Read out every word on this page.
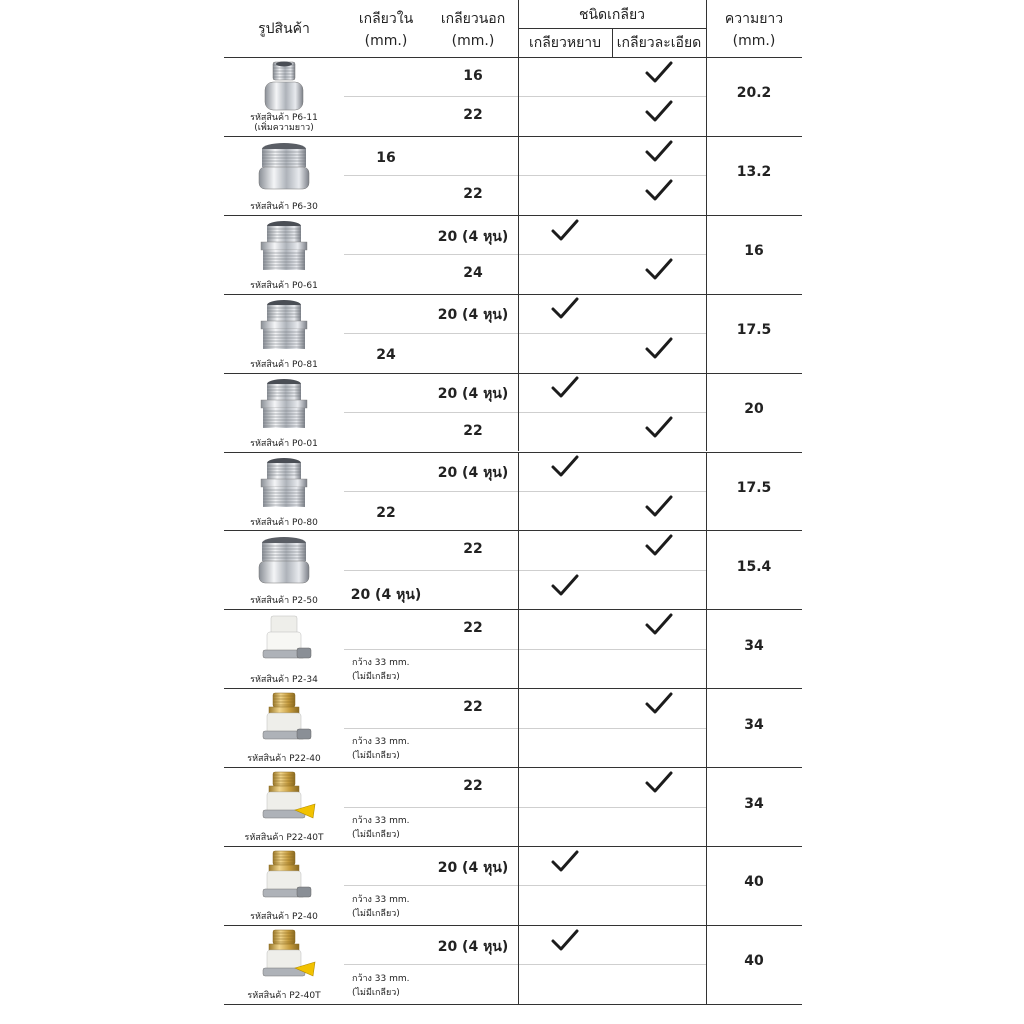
รูปสินค้า
เกลียวใน
(mm.)
เกลียวนอก
(mm.)
ชนิดเกลียว
เกลียวหยาบ	เกลียวละเอียด
ความยาว
(mm.)
รหัสสินค้า P6-11
(เพิ่มความยาว)
16
22
20.2
รหัสสินค้า P6-30
16
22
13.2
รหัสสินค้า P0-61
20 (4 หุน)
24
16
รหัสสินค้า P0-81
20 (4 หุน)
24
17.5
รหัสสินค้า P0-01
20 (4 หุน)
22
20
รหัสสินค้า P0-80
20 (4 หุน)
22
17.5
รหัสสินค้า P2-50
22
20 (4 หุน)
15.4
รหัสสินค้า P2-34
22
กว้าง 33 mm.
(ไม่มีเกลียว)
34
รหัสสินค้า P22-40
22
กว้าง 33 mm.
(ไม่มีเกลียว)
34
รหัสสินค้า P22-40T
22
กว้าง 33 mm.
(ไม่มีเกลียว)
34
รหัสสินค้า P2-40
20 (4 หุน)
กว้าง 33 mm.
(ไม่มีเกลียว)
40
รหัสสินค้า P2-40T
20 (4 หุน)
กว้าง 33 mm.
(ไม่มีเกลียว)
40
